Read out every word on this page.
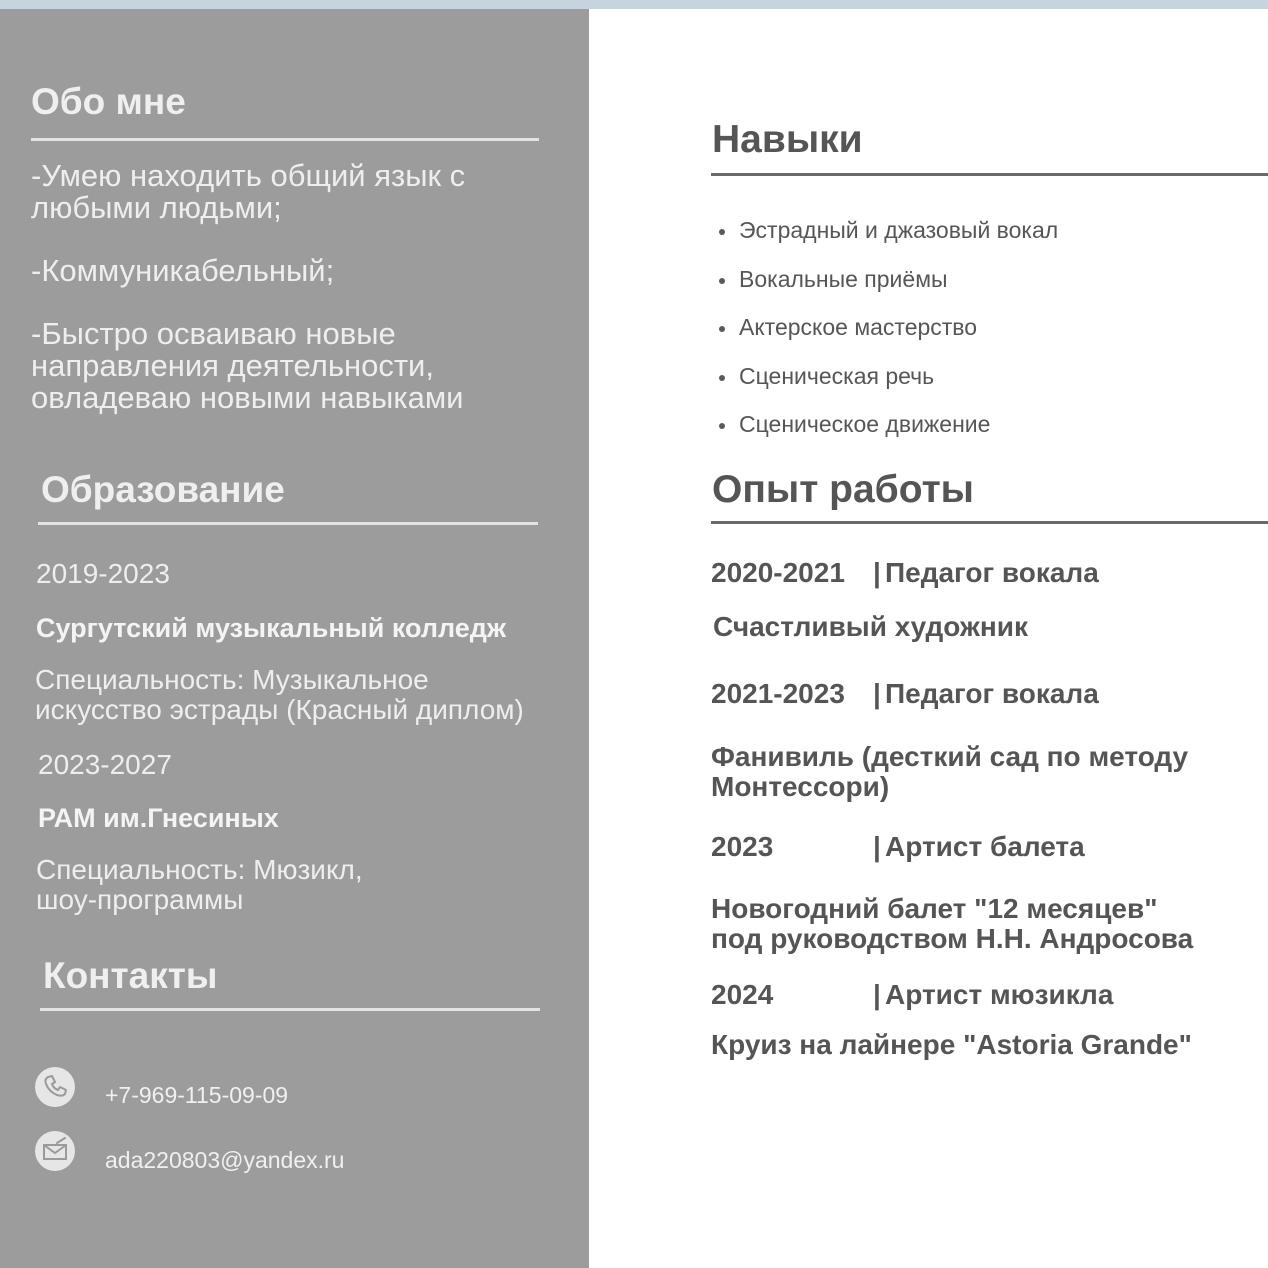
Обо мне
-Умею находить общий язык с
любыми людьми;
-Коммуникабельный;
-Быстро осваиваю новые
направления деятельности,
овладеваю новыми навыками
Образование
2019-2023
Сургутский музыкальный колледж
Специальность: Музыкальное
искусство эстрады (Красный диплом)
2023-2027
РАМ им.Гнесиных
Специальность: Мюзикл,
шоу-программы
Контакты
+7-969-115-09-09
ada220803@yandex.ru
Навыки
Эстрадный и джазовый вокал
Вокальные приёмы
Актерское мастерство
Сценическая речь
Сценическое движение
Опыт работы
2020-2021 | Педагог вокала
Счастливый художник
2021-2023 | Педагог вокала
Фанивиль (десткий сад по методу
Монтессори)
2023	| Артист балета
Новогодний балет "12 месяцев"
под руководством Н.Н. Андросова
2024	| Артист мюзикла
Круиз на лайнере "Astoria Grande"
